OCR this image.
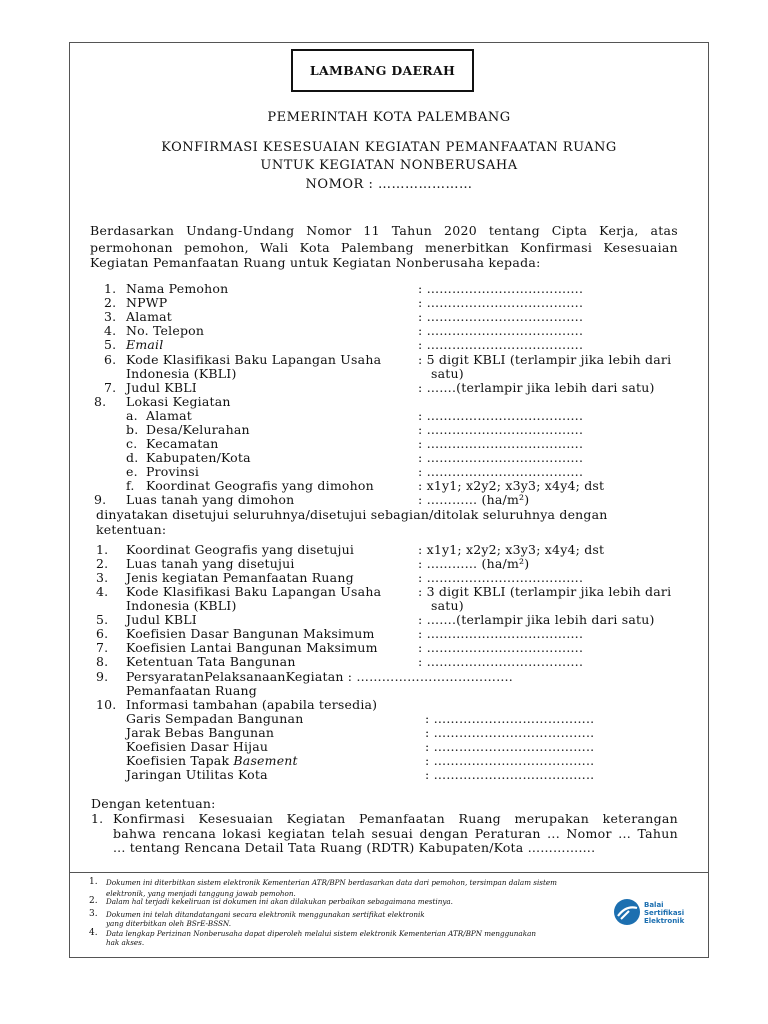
LAMBANG DAERAH
PEMERINTAH KOTA PALEMBANG
KONFIRMASI KESESUAIAN KEGIATAN PEMANFAATAN RUANG
UNTUK KEGIATAN NONBERUSAHA
NOMOR : …………………
Berdasarkan Undang-Undang Nomor 11 Tahun 2020 tentang Cipta Kerja, atas
permohonan pemohon, Wali Kota Palembang menerbitkan Konfirmasi Kesesuaian
Kegiatan Pemanfaatan Ruang untuk Kegiatan Nonberusaha kepada:
1. Nama Pemohon	: ……………………………….
2. NPWP	: ……………………………….
3. Alamat	: ……………………………….
4. No. Telepon	: ……………………………….
5. Email	: ……………………………….
6. Kode Klasifikasi Baku Lapangan Usaha	: 5 digit KBLI (terlampir jika lebih dari
Indonesia (KBLI)	satu)
7. Judul KBLI	: …….(terlampir jika lebih dari satu)
8. Lokasi Kegiatan
a. Alamat	: ……………………………….
b. Desa/Kelurahan	: ……………………………….
c. Kecamatan	: ……………………………….
d. Kabupaten/Kota	: ……………………………….
e. Provinsi	: ……………………………….
f. Koordinat Geografis yang dimohon	: x1y1; x2y2; x3y3; x4y4; dst
9. Luas tanah yang dimohon	: ………… (ha/m²)
dinyatakan disetujui seluruhnya/disetujui sebagian/ditolak seluruhnya dengan
ketentuan:
1. Koordinat Geografis yang disetujui	: x1y1; x2y2; x3y3; x4y4; dst
2. Luas tanah yang disetujui	: ………… (ha/m²)
3. Jenis kegiatan Pemanfaatan Ruang	: ……………………………….
4. Kode Klasifikasi Baku Lapangan Usaha	: 3 digit KBLI (terlampir jika lebih dari
Indonesia (KBLI)	satu)
5. Judul KBLI	: …….(terlampir jika lebih dari satu)
6. Koefisien Dasar Bangunan Maksimum	: ……………………………….
7. Koefisien Lantai Bangunan Maksimum	: ……………………………….
8. Ketentuan Tata Bangunan	: ……………………………….
9. PersyaratanPelaksanaanKegiatan : ……………………………….
Pemanfaatan Ruang
10. Informasi tambahan (apabila tersedia)
Garis Sempadan Bangunan	: ………………………………..
Jarak Bebas Bangunan	: ………………………………..
Koefisien Dasar Hijau	: ………………………………..
Koefisien Tapak Basement	: ………………………………..
Jaringan Utilitas Kota	: ………………………………..
Dengan ketentuan:
1. Konfirmasi Kesesuaian Kegiatan Pemanfaatan Ruang merupakan keterangan
bahwa rencana lokasi kegiatan telah sesuai dengan Peraturan ... Nomor ... Tahun
... tentang Rencana Detail Tata Ruang (RDTR) Kabupaten/Kota …………….
1. Dokumen ini diterbitkan sistem elektronik Kementerian ATR/BPN berdasarkan data dari pemohon, tersimpan dalam sistem
elektronik, yang menjadi tanggung jawab pemohon.
2. Dalam hal terjadi kekeliruan isi dokumen ini akan dilakukan perbaikan sebagaimana mestinya.
3. Dokumen ini telah ditandatangani secara elektronik menggunakan sertifikat elektronik
yang diterbitkan oleh BSrE-BSSN.
4. Data lengkap Perizinan Nonberusaha dapat diperoleh melalui sistem elektronik Kementerian ATR/BPN menggunakan
hak akses.
Balai
Sertifikasi
Elektronik
